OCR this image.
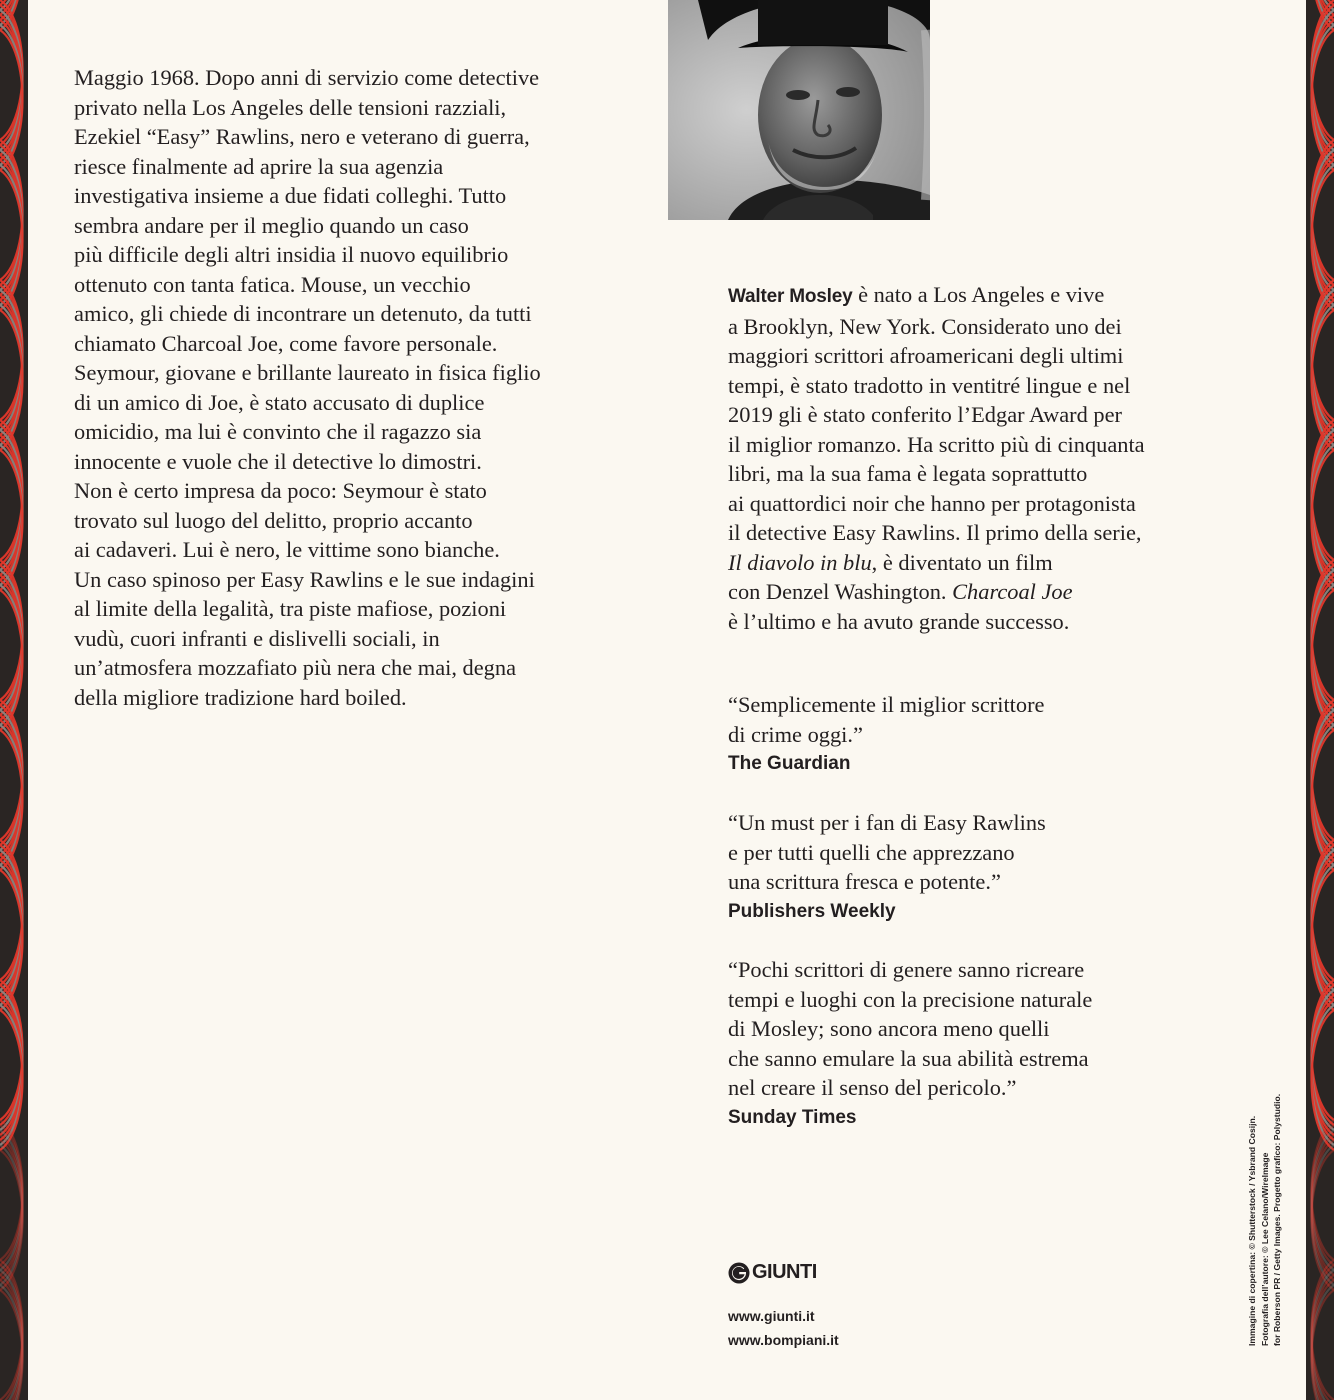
Maggio 1968. Dopo anni di servizio come detective
privato nella Los Angeles delle tensioni razziali,
Ezekiel “Easy” Rawlins, nero e veterano di guerra,
riesce finalmente ad aprire la sua agenzia
investigativa insieme a due fidati colleghi. Tutto
sembra andare per il meglio quando un caso
più difficile degli altri insidia il nuovo equilibrio
ottenuto con tanta fatica. Mouse, un vecchio
amico, gli chiede di incontrare un detenuto, da tutti
chiamato Charcoal Joe, come favore personale.
Seymour, giovane e brillante laureato in fisica figlio
di un amico di Joe, è stato accusato di duplice
omicidio, ma lui è convinto che il ragazzo sia
innocente e vuole che il detective lo dimostri.
Non è certo impresa da poco: Seymour è stato
trovato sul luogo del delitto, proprio accanto
ai cadaveri. Lui è nero, le vittime sono bianche.
Un caso spinoso per Easy Rawlins e le sue indagini
al limite della legalità, tra piste mafiose, pozioni
vudù, cuori infranti e dislivelli sociali, in
un’atmosfera mozzafiato più nera che mai, degna
della migliore tradizione hard boiled.
Walter Mosley è nato a Los Angeles e vive
a Brooklyn, New York. Considerato uno dei
maggiori scrittori afroamericani degli ultimi
tempi, è stato tradotto in ventitré lingue e nel
2019 gli è stato conferito l’Edgar Award per
il miglior romanzo. Ha scritto più di cinquanta
libri, ma la sua fama è legata soprattutto
ai quattordici noir che hanno per protagonista
il detective Easy Rawlins. Il primo della serie,
Il diavolo in blu, è diventato un film
con Denzel Washington. Charcoal Joe
è l’ultimo e ha avuto grande successo.
“Semplicemente il miglior scrittore
di crime oggi.”
The Guardian
“Un must per i fan di Easy Rawlins
e per tutti quelli che apprezzano
una scrittura fresca e potente.”
Publishers Weekly
“Pochi scrittori di genere sanno ricreare
tempi e luoghi con la precisione naturale
di Mosley; sono ancora meno quelli
che sanno emulare la sua abilità estrema
nel creare il senso del pericolo.”
Sunday Times
GIUNTI
www.giunti.it
www.bompiani.it	Immagine di copertina: © Shutterstock / Ysbrand Cosijn. Fotografia dell’autore: © Lee Celano/WireImage for Roberson PR / Getty Images. Progetto grafico: Polystudio.
